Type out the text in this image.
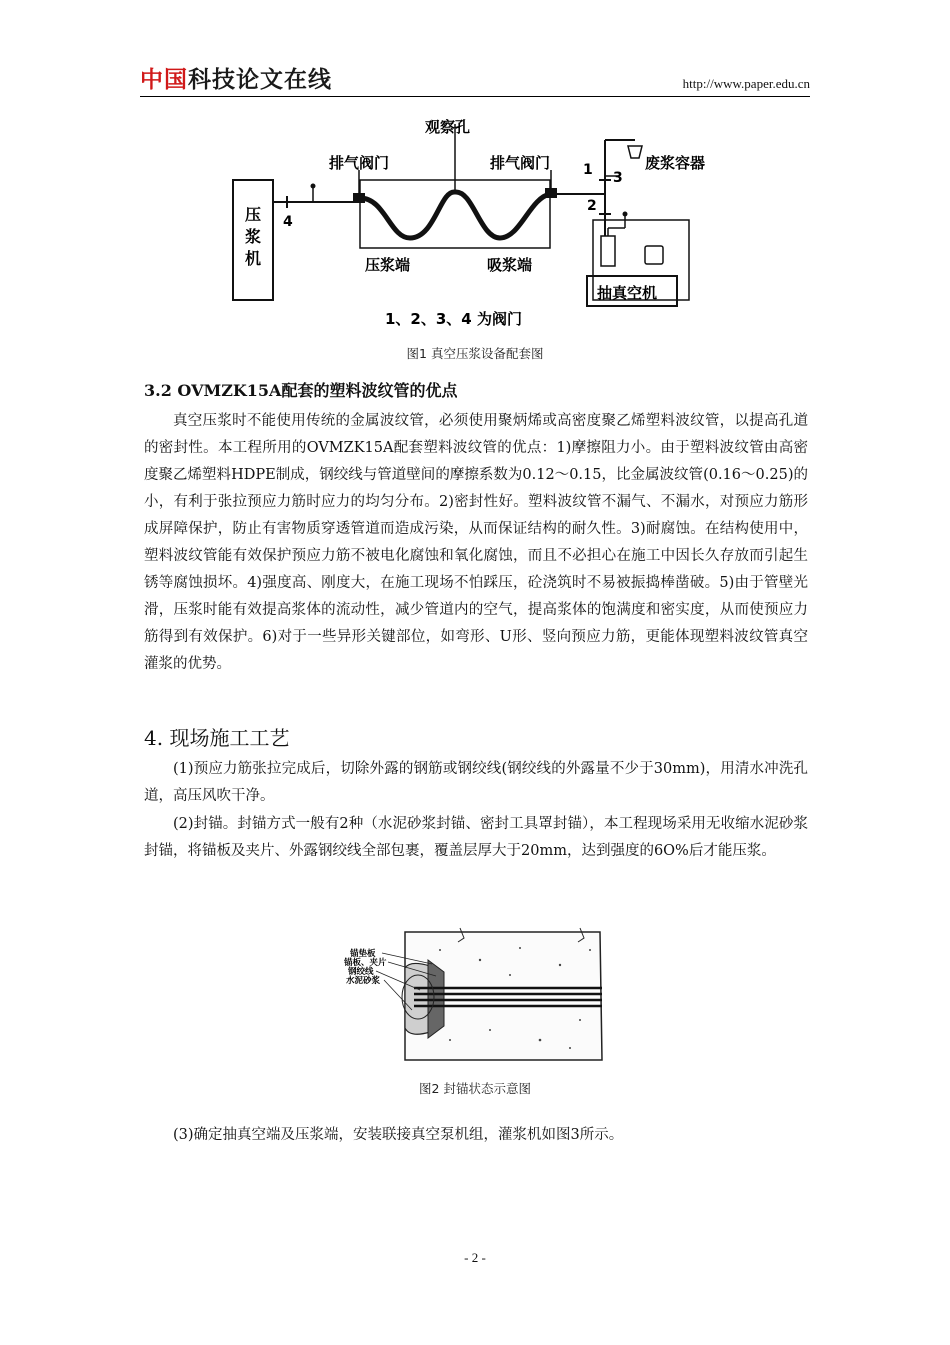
中国科技论文在线	http://www.paper.edu.cn
压
浆
机
4
排气阀门	排气阀门
观察孔
压浆端	吸浆端
废浆容器
1 3
2
抽真空机
1、2、3、4 为阀门
图1 真空压浆设备配套图
3.2 OVMZK15A配套的塑料波纹管的优点

真空压浆时不能使用传统的金属波纹管，必须使用聚炳烯或高密度聚乙烯塑料波纹管，以提高孔道的密封性。本工程所用的OVMZK15A配套塑料波纹管的优点：1)摩擦阻力小。由于塑料波纹管由高密度聚乙烯塑料HDPE制成，钢绞线与管道壁间的摩擦系数为0.12～0.15，比金属波纹管(0.16～0.25)的小，有利于张拉预应力筋时应力的均匀分布。2)密封性好。塑料波纹管不漏气、不漏水，对预应力筋形成屏障保护，防止有害物质穿透管道而造成污染，从而保证结构的耐久性。3)耐腐蚀。在结构使用中，塑料波纹管能有效保护预应力筋不被电化腐蚀和氧化腐蚀，而且不必担心在施工中因长久存放而引起生锈等腐蚀损坏。4)强度高、刚度大，在施工现场不怕踩压，砼浇筑时不易被振捣棒凿破。5)由于管壁光滑，压浆时能有效提高浆体的流动性，减少管道内的空气，提高浆体的饱满度和密实度，从而使预应力筋得到有效保护。6)对于一些异形关键部位，如弯形、U形、竖向预应力筋，更能体现塑料波纹管真空灌浆的优势。

4. 现场施工工艺

(1)预应力筋张拉完成后，切除外露的钢筋或钢绞线(钢绞线的外露量不少于30mm)，用清水冲洗孔道，高压风吹干净。

(2)封锚。封锚方式一般有2种（水泥砂浆封锚、密封工具罩封锚），本工程现场采用无收缩水泥砂浆封锚，将锚板及夹片、外露钢绞线全部包裹，覆盖层厚大于20mm，达到强度的6O%后才能压浆。

锚垫板
锚板、夹片
钢绞线
水泥砂浆
图2 封锚状态示意图

(3)确定抽真空端及压浆端，安装联接真空泵机组，灌浆机如图3所示。

- 2 -
